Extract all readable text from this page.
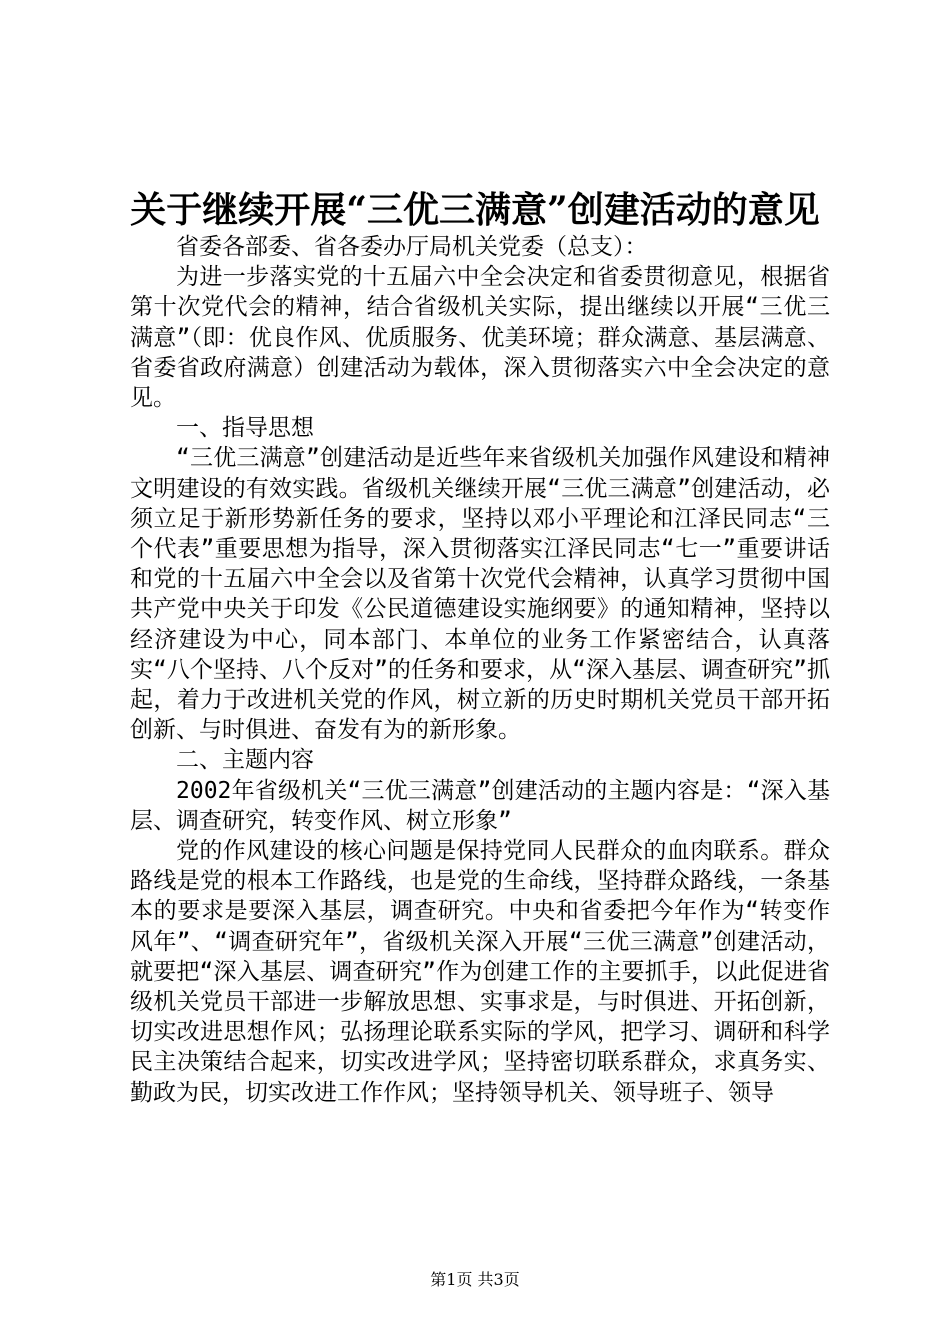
关于继续开展“三优三满意”创建活动的意见

省委各部委、省各委办厅局机关党委（总支）：

为进一步落实党的十五届六中全会决定和省委贯彻意见，根据省第十次党代会的精神，结合省级机关实际，提出继续以开展“三优三满意”（即：优良作风、优质服务、优美环境；群众满意、基层满意、省委省政府满意）创建活动为载体，深入贯彻落实六中全会决定的意见。

一、指导思想

“三优三满意”创建活动是近些年来省级机关加强作风建设和精神文明建设的有效实践。省级机关继续开展“三优三满意”创建活动，必须立足于新形势新任务的要求，坚持以邓小平理论和江泽民同志“三个代表”重要思想为指导，深入贯彻落实江泽民同志“七一”重要讲话和党的十五届六中全会以及省第十次党代会精神，认真学习贯彻中国共产党中央关于印发《公民道德建设实施纲要》的通知精神，坚持以经济建设为中心，同本部门、本单位的业务工作紧密结合，认真落实“八个坚持、八个反对”的任务和要求，从“深入基层、调查研究”抓起，着力于改进机关党的作风，树立新的历史时期机关党员干部开拓创新、与时俱进、奋发有为的新形象。

二、主题内容

2002年省级机关“三优三满意”创建活动的主题内容是：“深入基层、调查研究，转变作风、树立形象”

党的作风建设的核心问题是保持党同人民群众的血肉联系。群众路线是党的根本工作路线，也是党的生命线，坚持群众路线，一条基本的要求是要深入基层，调查研究。中央和省委把今年作为“转变作风年”、“调查研究年”，省级机关深入开展“三优三满意”创建活动，就要把“深入基层、调查研究”作为创建工作的主要抓手，以此促进省级机关党员干部进一步解放思想、实事求是，与时俱进、开拓创新，切实改进思想作风；弘扬理论联系实际的学风，把学习、调研和科学民主决策结合起来，切实改进学风；坚持密切联系群众，求真务实、勤政为民，切实改进工作作风；坚持领导机关、领导班子、领导

第1页 共3页
